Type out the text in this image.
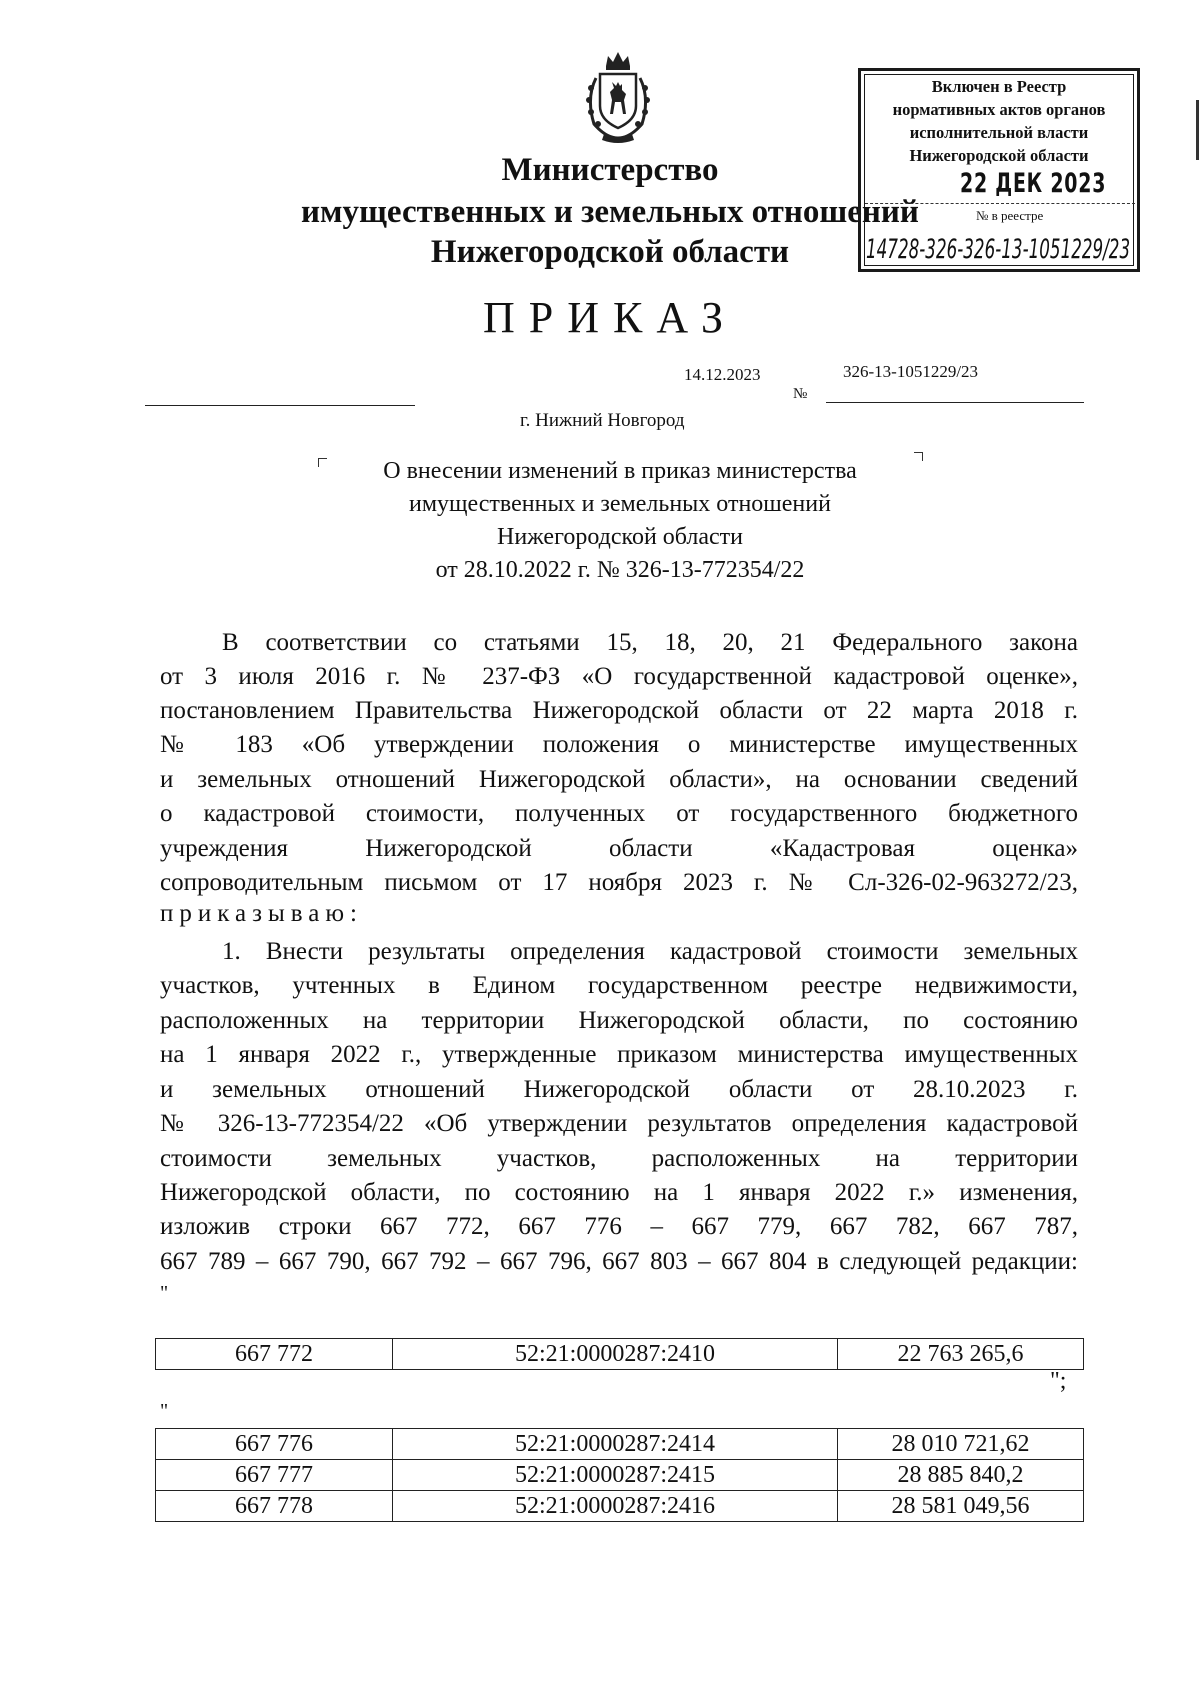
Министерство
имущественных и земельных отношений
Нижегородской области
Включен в Реестр
нормативных актов органов
исполнительной власти
Нижегородской области
22 ДЕК 2023
№ в реестре
14728-326-326-13-1051229/23
ПРИКАЗ
14.12.2023	326-13-1051229/23
№
г. Нижний Новгород
О внесении изменений в приказ министерства
имущественных и земельных отношений
Нижегородской области
от 28.10.2022 г. № 326-13-772354/22
В соответствии со статьями 15, 18, 20, 21 Федерального закона
от 3 июля 2016 г. № 237-ФЗ «О государственной кадастровой оценке»,
постановлением Правительства Нижегородской области от 22 марта 2018 г.
№ 183 «Об утверждении положения о министерстве имущественных
и земельных отношений Нижегородской области», на основании сведений
о кадастровой стоимости, полученных от государственного бюджетного
учреждения Нижегородской области «Кадастровая оценка»
сопроводительным письмом от 17 ноября 2023 г. № Сл-326-02-963272/23,
приказываю:
1. Внести результаты определения кадастровой стоимости земельных
участков, учтенных в Едином государственном реестре недвижимости,
расположенных на территории Нижегородской области, по состоянию
на 1 января 2022 г., утвержденные приказом министерства имущественных
и земельных отношений Нижегородской области от 28.10.2023 г.
№ 326-13-772354/22 «Об утверждении результатов определения кадастровой
стоимости земельных участков, расположенных на территории
Нижегородской области, по состоянию на 1 января 2022 г.» изменения,
изложив строки 667 772, 667 776 – 667 779, 667 782, 667 787,
667 789 – 667 790, 667 792 – 667 796, 667 803 – 667 804 в следующей редакции:
"
667 772	52:21:0000287:2410	22 763 265,6
";
"
667 776	52:21:0000287:2414	28 010 721,62
667 777	52:21:0000287:2415	28 885 840,2
667 778	52:21:0000287:2416	28 581 049,56
